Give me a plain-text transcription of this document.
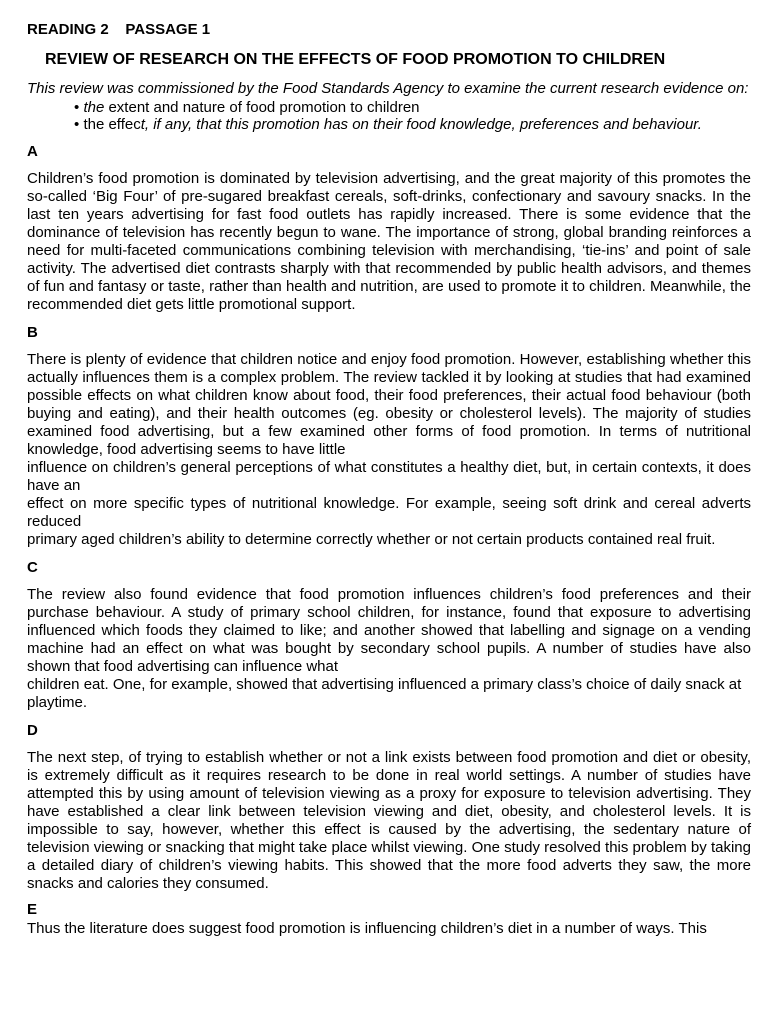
READING 2    PASSAGE 1

REVIEW OF RESEARCH ON THE EFFECTS OF FOOD PROMOTION TO CHILDREN

This review was commissioned by the Food Standards Agency to examine the current research evidence on:

• the extent and nature of food promotion to children
• the effect, if any, that this promotion has on their food knowledge, preferences and behaviour.

A

Children’s food promotion is dominated by television advertising, and the great majority of this promotes the so-called ‘Big Four’ of pre-sugared breakfast cereals, soft-drinks, confectionary and savoury snacks. In the last ten years advertising for fast food outlets has rapidly increased. There is some evidence that the dominance of television has recently begun to wane. The importance of strong, global branding reinforces a need for multi-faceted communications combining television with merchandising, ‘tie-ins’ and point of sale activity. The advertised diet contrasts sharply with that recommended by public health advisors, and themes of fun and fantasy or taste, rather than health and nutrition, are used to promote it to children. Meanwhile, the recommended diet gets little promotional support.

B

There is plenty of evidence that children notice and enjoy food promotion. However, establishing whether this actually influences them is a complex problem. The review tackled it by looking at studies that had examined possible effects on what children know about food, their food preferences, their actual food behaviour (both buying and eating), and their health outcomes (eg. obesity or cholesterol levels). The majority of studies examined food advertising, but a few examined other forms of food promotion. In terms of nutritional knowledge, food advertising seems to have little
influence on children’s general perceptions of what constitutes a healthy diet, but, in certain contexts, it does have an
effect on more specific types of nutritional knowledge. For example, seeing soft drink and cereal adverts reduced
primary aged children’s ability to determine correctly whether or not certain products contained real fruit.

C

The review also found evidence that food promotion influences children’s food preferences and their purchase behaviour. A study of primary school children, for instance, found that exposure to advertising influenced which foods they claimed to like; and another showed that labelling and signage on a vending machine had an effect on what was bought by secondary school pupils. A number of studies have also shown that food advertising can influence what
children eat. One, for example, showed that advertising influenced a primary class’s choice of daily snack at playtime.

D

The next step, of trying to establish whether or not a link exists between food promotion and diet or obesity, is extremely difficult as it requires research to be done in real world settings. A number of studies have attempted this by using amount of television viewing as a proxy for exposure to television advertising. They have established a clear link between television viewing and diet, obesity, and cholesterol levels. It is impossible to say, however, whether this effect is caused by the advertising, the sedentary nature of television viewing or snacking that might take place whilst viewing. One study resolved this problem by taking a detailed diary of children’s viewing habits. This showed that the more food adverts they saw, the more snacks and calories they consumed.

E

Thus the literature does suggest food promotion is influencing children’s diet in a number of ways. This
